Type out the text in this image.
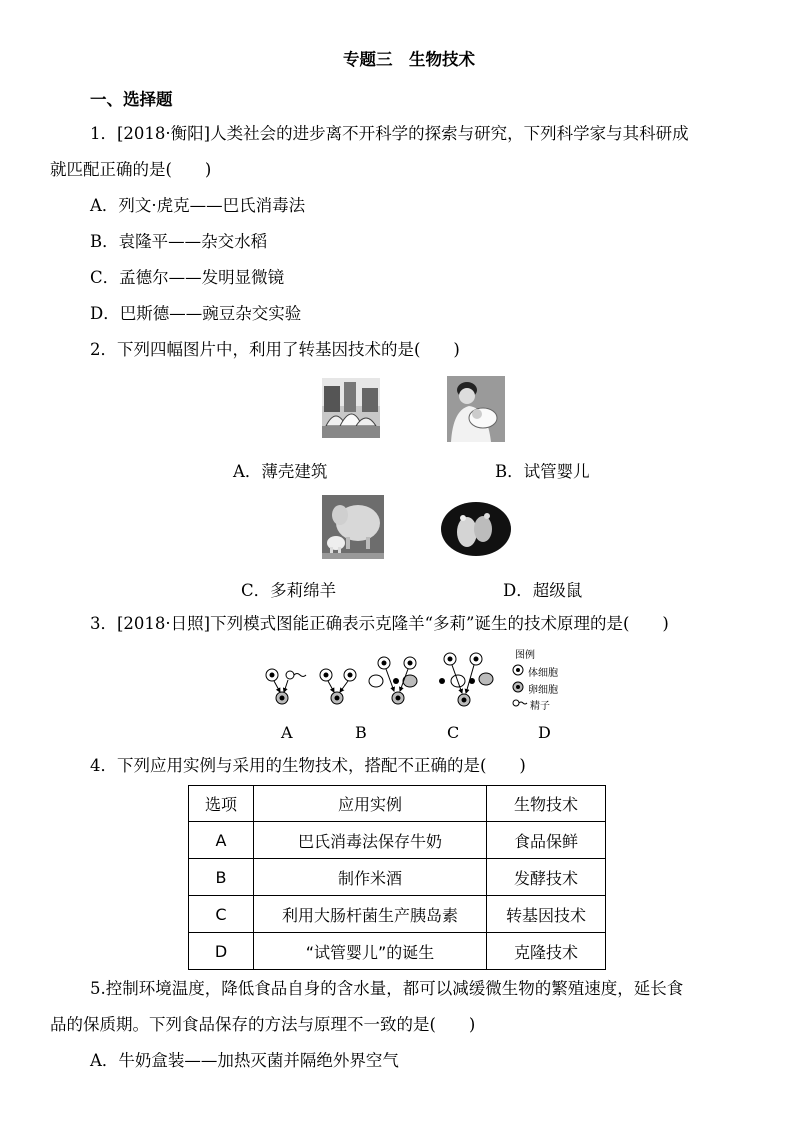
专题三　生物技术
一、选择题
1．[2018·衡阳]人类社会的进步离不开科学的探索与研究，下列科学家与其科研成
就匹配正确的是(　　)
A．列文·虎克——巴氏消毒法
B．袁隆平——杂交水稻
C．孟德尔——发明显微镜
D．巴斯德——豌豆杂交实验
2．下列四幅图片中，利用了转基因技术的是(　　)
A．薄壳建筑	B．试管婴儿
C．多莉绵羊	D．超级鼠
3．[2018·日照]下列模式图能正确表示克隆羊“多莉”诞生的技术原理的是(　　)
图例
体细胞
卵细胞
精子
A	B	C	D
4．下列应用实例与采用的生物技术，搭配不正确的是(　　)
选项	应用实例	生物技术
A	巴氏消毒法保存牛奶	食品保鲜
B	制作米酒	发酵技术
C	利用大肠杆菌生产胰岛素	转基因技术
D	“试管婴儿”的诞生	克隆技术
5.控制环境温度，降低食品自身的含水量，都可以减缓微生物的繁殖速度，延长食
品的保质期。下列食品保存的方法与原理不一致的是(　　)
A．牛奶盒装——加热灭菌并隔绝外界空气
